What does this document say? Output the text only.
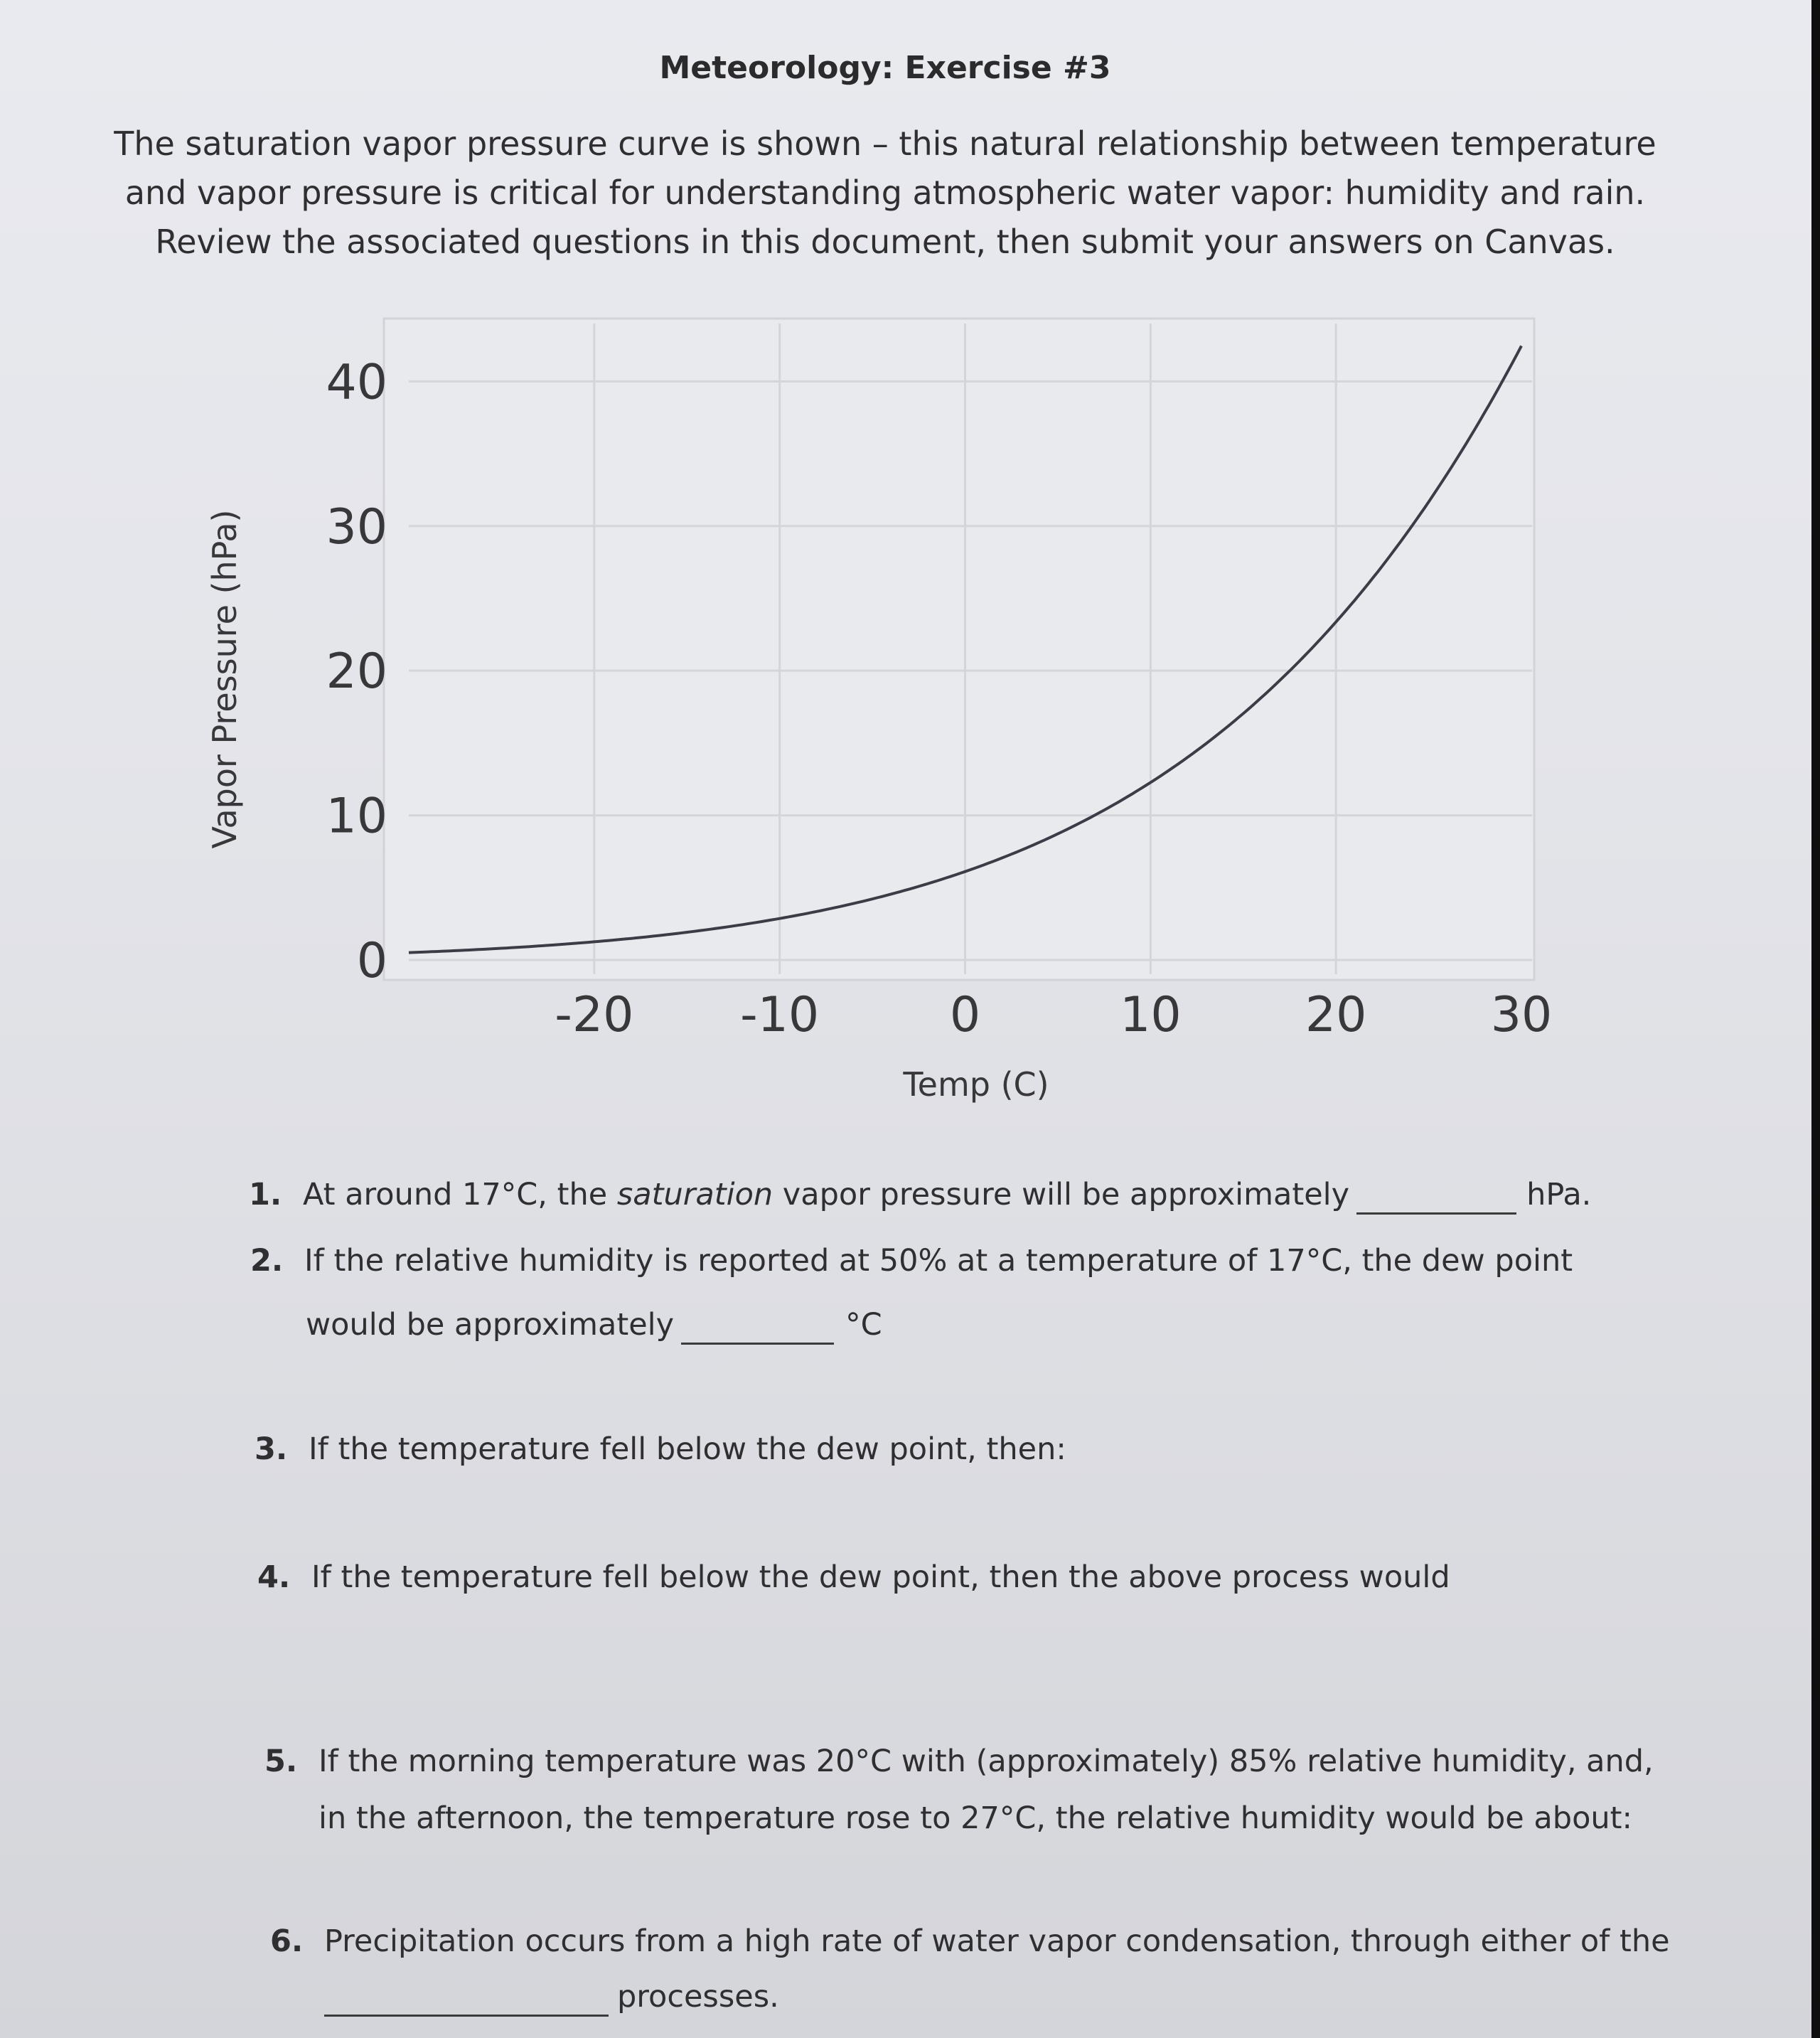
Meteorology: Exercise #3
The saturation vapor pressure curve is shown – this natural relationship between temperature
and vapor pressure is critical for understanding atmospheric water vapor: humidity and rain.
Review the associated questions in this document, then submit your answers on Canvas.
0
10
20
30
40
-20 -10	0	10	20	30
Vapor Pressure (hPa)
Temp (C)
1. At around 17°C, the saturation vapor pressure will be approximately	hPa.
2. If the relative humidity is reported at 50% at a temperature of 17°C, the dew point
would be approximately	°C
3. If the temperature fell below the dew point, then:
4. If the temperature fell below the dew point, then the above process would
5. If the morning temperature was 20°C with (approximately) 85% relative humidity, and,
in the afternoon, the temperature rose to 27°C, the relative humidity would be about:
6. Precipitation occurs from a high rate of water vapor condensation, through either of the
processes.
